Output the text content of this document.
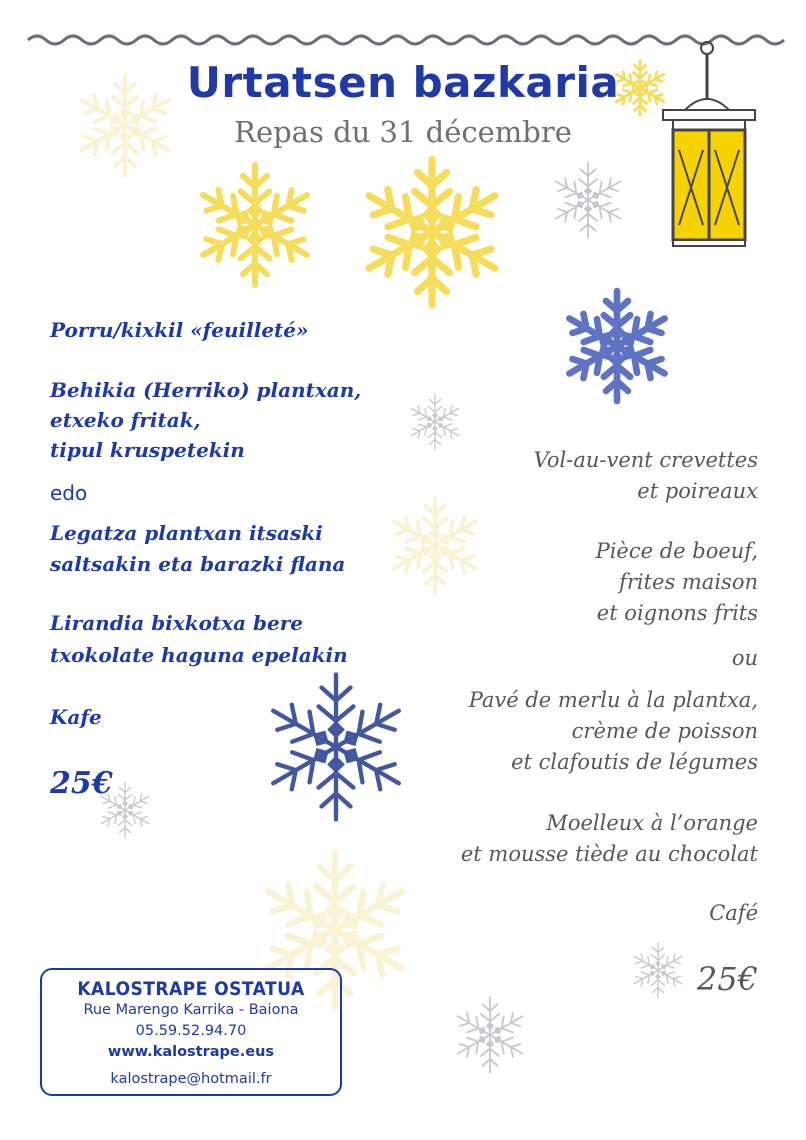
Urtatsen bazkaria
Repas du 31 décembre
Porru/kixkil «feuilleté»
Behikia (Herriko) plantxan,
etxeko fritak,
tipul kruspetekin
edo
Legatza plantxan itsaski
saltsakin eta barazki flana
Lirandia bixkotxa bere
txokolate haguna epelakin
Kafe
25€
Vol-au-vent crevettes
et poireaux
Pièce de boeuf,
frites maison
et oignons frits
ou
Pavé de merlu à la plantxa,
crème de poisson
et clafoutis de légumes
Moelleux à l’orange
et mousse tiède au chocolat
Café
25€
KALOSTRAPE OSTATUA
Rue Marengo Karrika - Baiona
05.59.52.94.70
www.kalostrape.eus
kalostrape@hotmail.fr
